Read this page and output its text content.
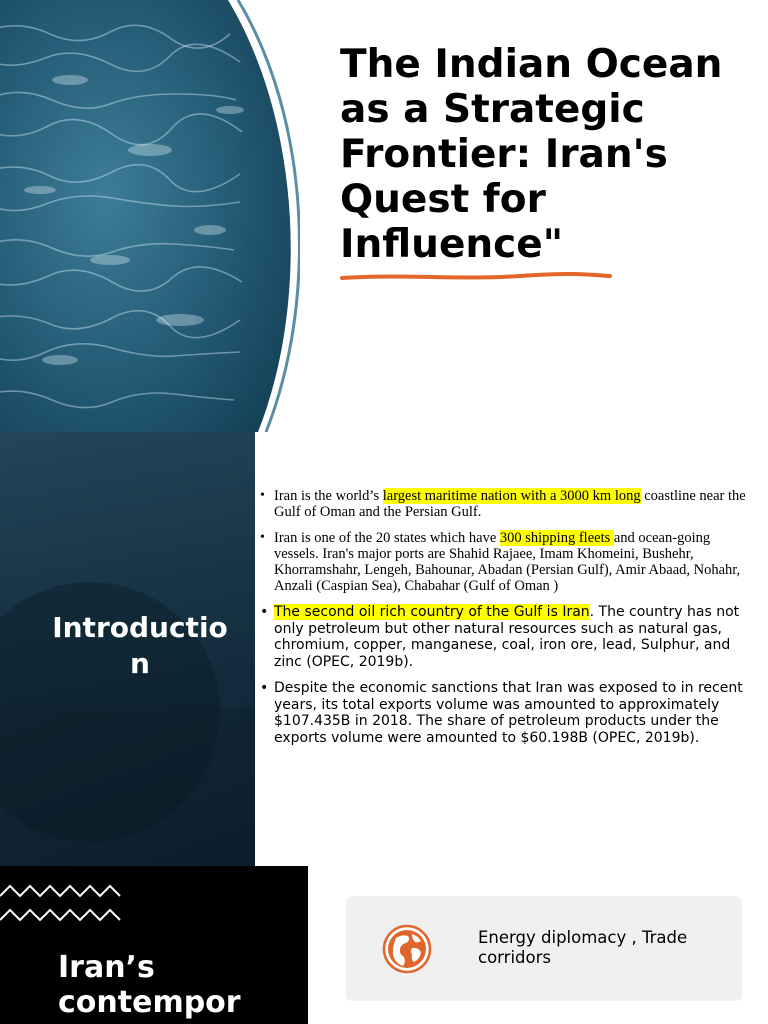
The Indian Ocean as a Strategic Frontier: Iran's Quest for Influence"
Introduction
• Iran is the world’s largest maritime nation with a 3000 km long coastline near the Gulf of Oman and the Persian Gulf.
• Iran is one of the 20 states which have 300 shipping fleets and ocean-going vessels. Iran's major ports are Shahid Rajaee, Imam Khomeini, Bushehr, Khorramshahr, Lengeh, Bahounar, Abadan (Persian Gulf), Amir Abaad, Nohahr, Anzali (Caspian Sea), Chabahar (Gulf of Oman )
• The second oil rich country of the Gulf is Iran. The country has not only petroleum but other natural resources such as natural gas, chromium, copper, manganese, coal, iron ore, lead, Sulphur, and zinc (OPEC, 2019b).
• Despite the economic sanctions that Iran was exposed to in recent years, its total exports volume was amounted to approximately $107.435B in 2018. The share of petroleum products under the exports volume were amounted to $60.198B (OPEC, 2019b).
Iran’s contempor

Energy diplomacy , Trade corridors
